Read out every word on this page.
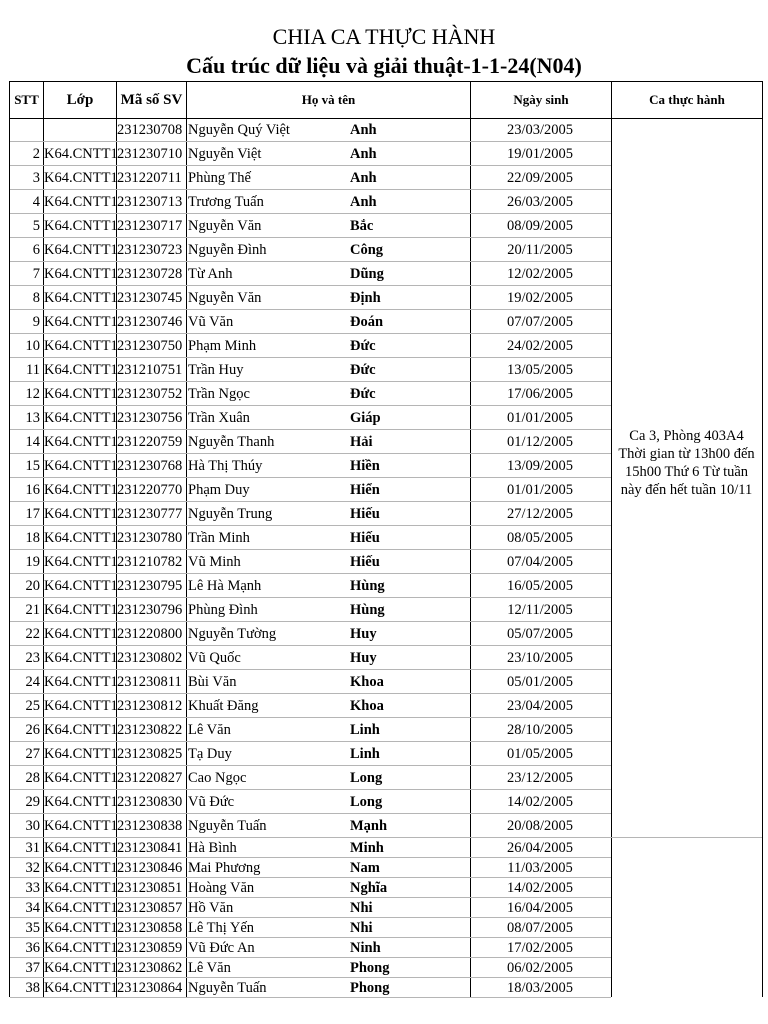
CHIA CA THỰC HÀNH
Cấu trúc dữ liệu và giải thuật-1-1-24(N04)
STT	Lớp	Mã số SV	Họ và tên	Ngày sinh	Ca thực hành
231230708 Nguyễn Quý Việt	Anh	23/03/2005
2 K64.CNTT1 231230710 Nguyễn Việt	Anh	19/01/2005
3 K64.CNTT1 231220711 Phùng Thế	Anh	22/09/2005
4 K64.CNTT1 231230713 Trương Tuấn	Anh	26/03/2005
5 K64.CNTT1 231230717 Nguyễn Văn	Bắc	08/09/2005
6 K64.CNTT1 231230723 Nguyễn Đình	Công	20/11/2005
7 K64.CNTT1 231230728 Từ Anh	Dũng	12/02/2005
8 K64.CNTT1 231230745 Nguyễn Văn	Định	19/02/2005
9 K64.CNTT1 231230746 Vũ Văn	Đoán	07/07/2005
10 K64.CNTT1 231230750 Phạm Minh	Đức	24/02/2005
11 K64.CNTT1 231210751 Trần Huy	Đức	13/05/2005
12 K64.CNTT1 231230752 Trần Ngọc	Đức	17/06/2005
13 K64.CNTT1 231230756 Trần Xuân	Giáp	01/01/2005
14 K64.CNTT1 231220759 Nguyễn Thanh	Hải	01/12/2005
15 K64.CNTT1 231230768 Hà Thị Thúy	Hiền	13/09/2005
16 K64.CNTT1 231220770 Phạm Duy	Hiển	01/01/2005
17 K64.CNTT1 231230777 Nguyễn Trung	Hiếu	27/12/2005
18 K64.CNTT1 231230780 Trần Minh	Hiếu	08/05/2005
19 K64.CNTT1 231210782 Vũ Minh	Hiếu	07/04/2005
20 K64.CNTT1 231230795 Lê Hà Mạnh	Hùng	16/05/2005
21 K64.CNTT1 231230796 Phùng Đình	Hùng	12/11/2005
22 K64.CNTT1 231220800 Nguyễn Tường	Huy	05/07/2005
23 K64.CNTT1 231230802 Vũ Quốc	Huy	23/10/2005
24 K64.CNTT1 231230811 Bùi Văn	Khoa	05/01/2005
25 K64.CNTT1 231230812 Khuất Đăng	Khoa	23/04/2005
26 K64.CNTT1 231230822 Lê Văn	Linh	28/10/2005
27 K64.CNTT1 231230825 Tạ Duy	Linh	01/05/2005
28 K64.CNTT1 231220827 Cao Ngọc	Long	23/12/2005
29 K64.CNTT1 231230830 Vũ Đức	Long	14/02/2005
30 K64.CNTT1 231230838 Nguyễn Tuấn	Mạnh	20/08/2005
31 K64.CNTT1 231230841 Hà Bình	Minh	26/04/2005
32 K64.CNTT1 231230846 Mai Phương	Nam	11/03/2005
33 K64.CNTT1 231230851 Hoàng Văn	Nghĩa	14/02/2005
34 K64.CNTT1 231230857 Hồ Văn	Nhi	16/04/2005
35 K64.CNTT1 231230858 Lê Thị Yến	Nhi	08/07/2005
36 K64.CNTT1 231230859 Vũ Đức An	Ninh	17/02/2005
37 K64.CNTT1 231230862 Lê Văn	Phong	06/02/2005
38 K64.CNTT1 231230864 Nguyễn Tuấn	Phong	18/03/2005
Ca 3, Phòng 403A4 Thời gian từ 13h00 đến 15h00 Thứ 6 Từ tuần này đến hết tuần 10/11
